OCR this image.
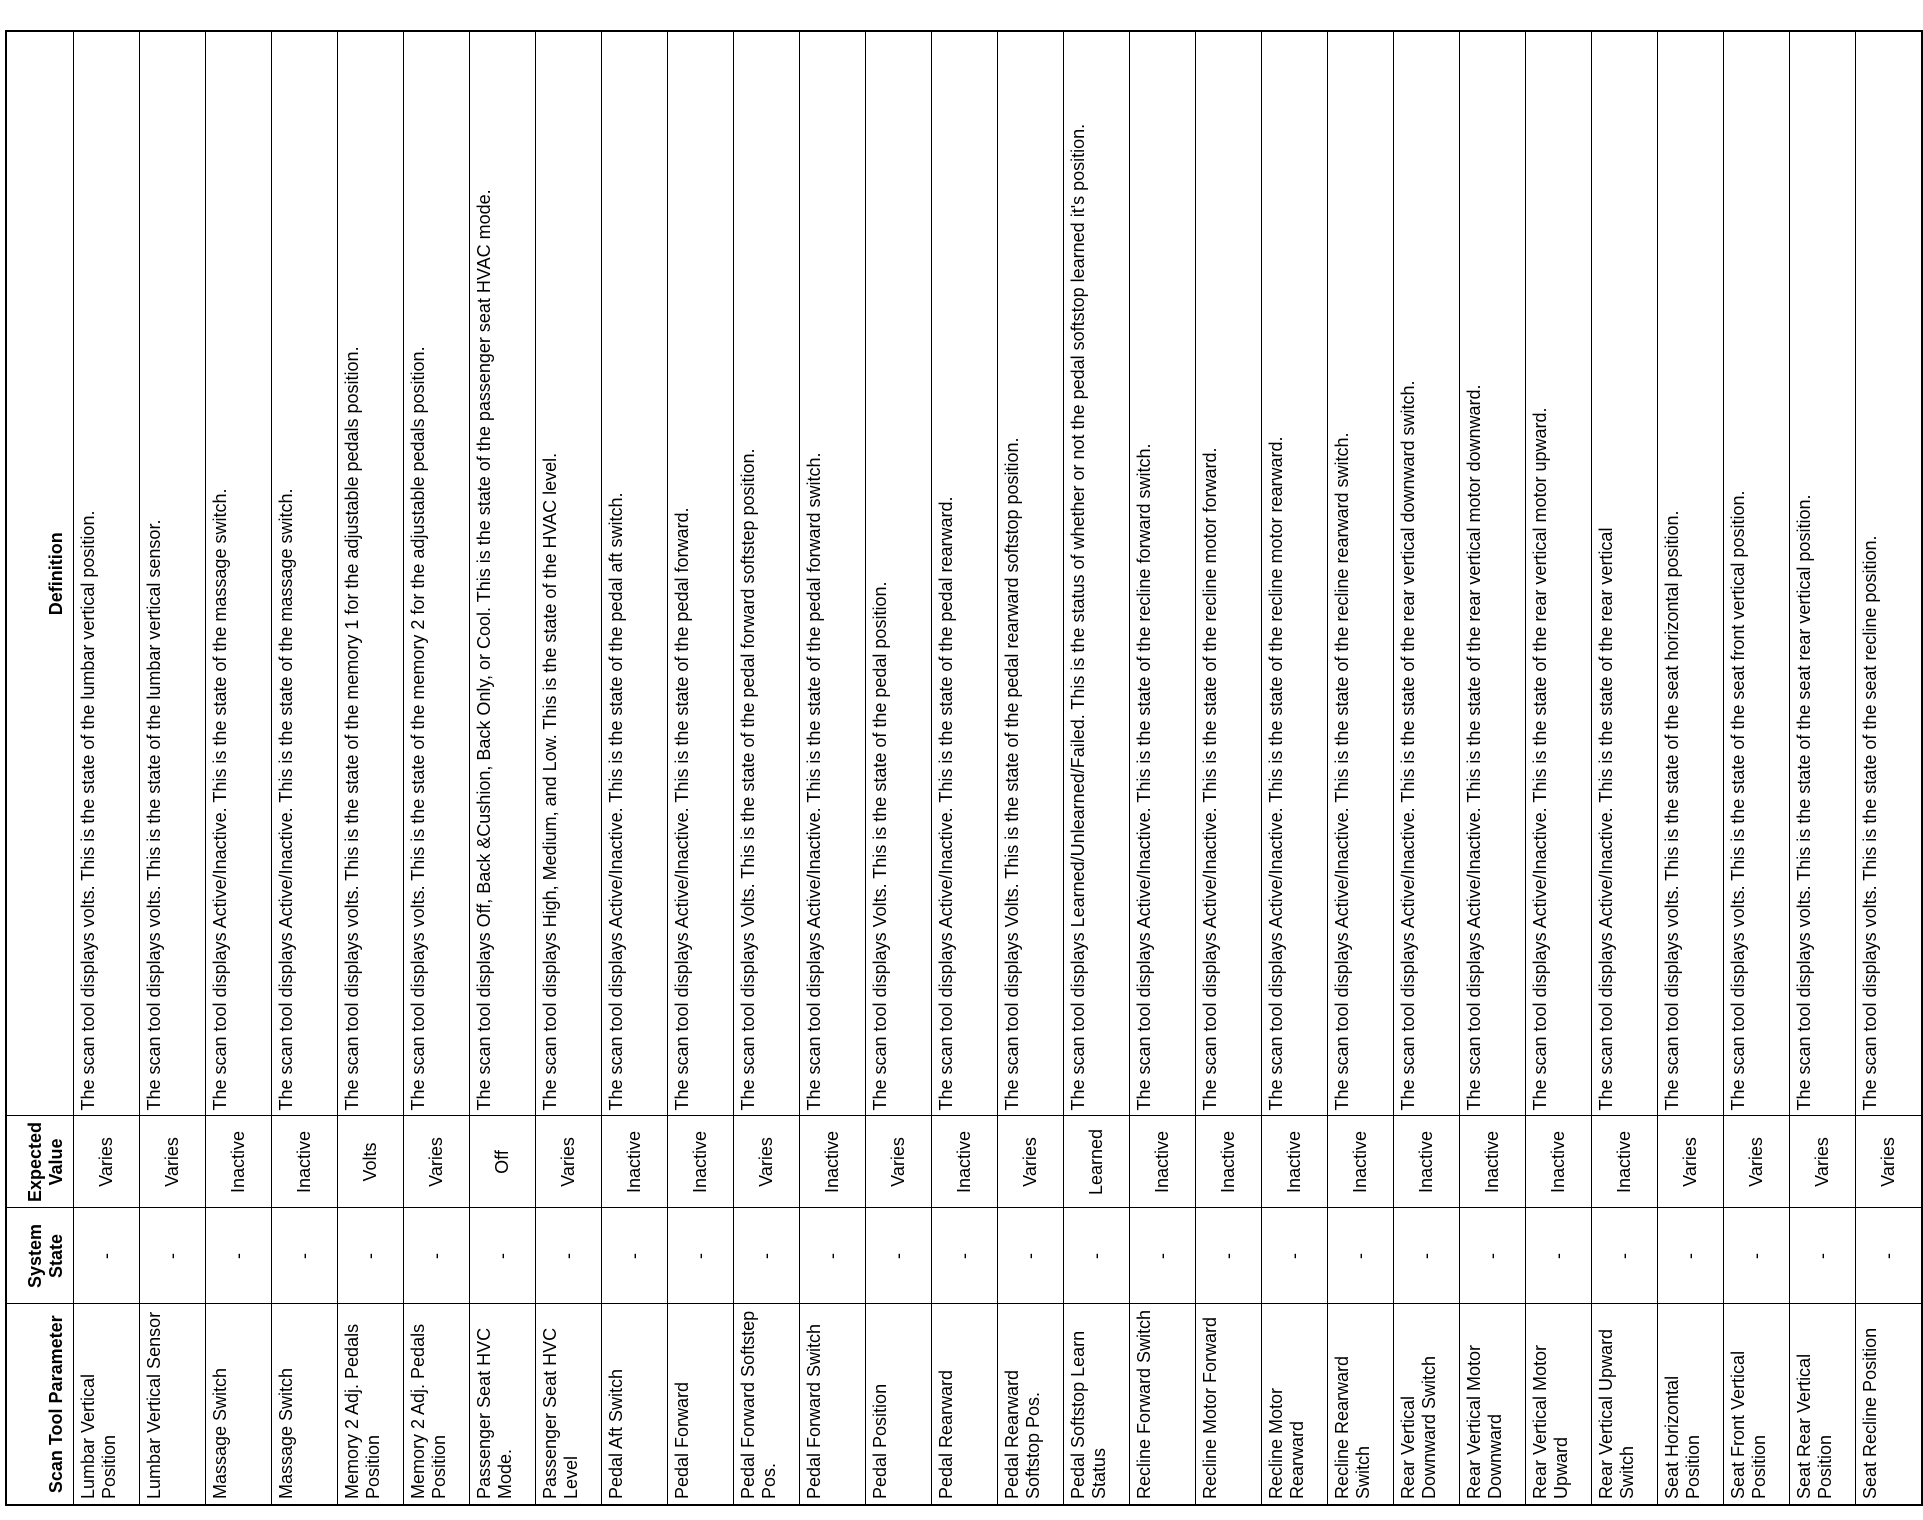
Scan Tool Parameter	System State	Expected Value	Definition
Lumbar Vertical Position	-	Varies	The scan tool displays volts. This is the state of the lumbar vertical position.
Lumbar Vertical Sensor	-	Varies	The scan tool displays volts. This is the state of the lumbar vertical sensor.
Massage Switch	-	Inactive	The scan tool displays Active/Inactive. This is the state of the massage switch.
Massage Switch	-	Inactive	The scan tool displays Active/Inactive. This is the state of the massage switch.
Memory 2 Adj. Pedals Position	-	Volts	The scan tool displays volts. This is the state of the memory 1 for the adjustable pedals position.
Memory 2 Adj. Pedals Position	-	Varies	The scan tool displays volts. This is the state of the memory 2 for the adjustable pedals position.
Passenger Seat HVC Mode.	-	Off	The scan tool displays Off, Back &Cushion, Back Only, or Cool. This is the state of the passenger seat HVAC mode.
Passenger Seat HVC Level	-	Varies	The scan tool displays High, Medium, and Low. This is the state of the HVAC level.
Pedal Aft Switch	-	Inactive	The scan tool displays Active/Inactive. This is the state of the pedal aft switch.
Pedal Forward	-	Inactive	The scan tool displays Active/Inactive. This is the state of the pedal forward.
Pedal Forward Softstep Pos.	-	Varies	The scan tool displays Volts. This is the state of the pedal forward softstep position.
Pedal Forward Switch	-	Inactive	The scan tool displays Active/Inactive. This is the state of the pedal forward switch.
Pedal Position	-	Varies	The scan tool displays Volts. This is the state of the pedal position.
Pedal Rearward	-	Inactive	The scan tool displays Active/Inactive. This is the state of the pedal rearward.
Pedal Rearward Softstop Pos.	-	Varies	The scan tool displays Volts. This is the state of the pedal rearward softstop position.
Pedal Softstop Learn Status	-	Learned	The scan tool displays Learned/Unlearned/Failed. This is the status of whether or not the pedal softstop learned it's position.
Recline Forward Switch	-	Inactive	The scan tool displays Active/Inactive. This is the state of the recline forward switch.
Recline Motor Forward	-	Inactive	The scan tool displays Active/Inactive. This is the state of the recline motor forward.
Recline Motor Rearward	-	Inactive	The scan tool displays Active/Inactive. This is the state of the recline motor rearward.
Recline Rearward Switch	-	Inactive	The scan tool displays Active/Inactive. This is the state of the recline rearward switch.
Rear Vertical Downward Switch	-	Inactive	The scan tool displays Active/Inactive. This is the state of the rear vertical downward switch.
Rear Vertical Motor Downward	-	Inactive	The scan tool displays Active/Inactive. This is the state of the rear vertical motor downward.
Rear Vertical Motor Upward	-	Inactive	The scan tool displays Active/Inactive. This is the state of the rear vertical motor upward.
Rear Vertical Upward Switch	-	Inactive	The scan tool displays Active/Inactive. This is the state of the rear vertical
Seat Horizontal Position	-	Varies	The scan tool displays volts. This is the state of the seat horizontal position.
Seat Front Vertical Position	-	Varies	The scan tool displays volts. This is the state of the seat front vertical position.
Seat Rear Vertical Position	-	Varies	The scan tool displays volts. This is the state of the seat rear vertical position.
Seat Recline Position	-	Varies	The scan tool displays volts. This is the state of the seat recline position.
